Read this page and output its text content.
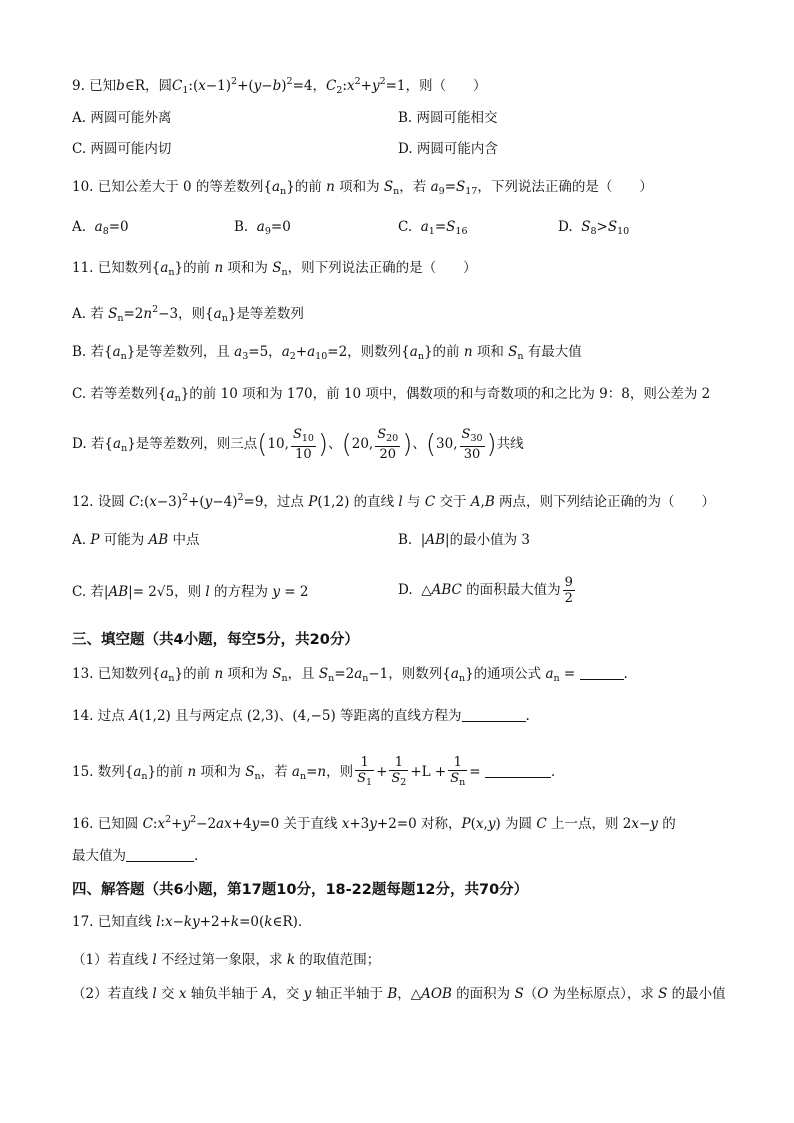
9. 已知b∈R，圆$C_1:(x-1)^2+(y-b)^2=4$，$C_2:x^2+y^2=1$，则（　　）
A. 两圆可能外离	B. 两圆可能相交
C. 两圆可能内切	D. 两圆可能内含
10. 已知公差大于 0 的等差数列$\{a_n\}$的前 n 项和为 $S_n$，若 $a_9=S_{17}$，下列说法正确的是（　　）
A.  $a_8=0$	B.  $a_9=0$	C.  $a_1=S_{16}$	D.  $S_8>S_{10}$
11. 已知数列$\{a_n\}$的前 n 项和为 $S_n$，则下列说法正确的是（　　）
A. 若 $S_n=2n^2-3$，则$\{a_n\}$是等差数列
B. 若$\{a_n\}$是等差数列，且 $a_3=5$，$a_2+a_{10}=2$，则数列$\{a_n\}$的前 n 项和 $S_n$ 有最大值
C. 若等差数列$\{a_n\}$的前 10 项和为 170，前 10 项中，偶数项的和与奇数项的和之比为 9：8，则公差为 2
D. 若$\{a_n\}$是等差数列，则三点(10, $\frac{S_{10}}{10}$ )、(20, $\frac{S_{20}}{20}$ )、(30, $\frac{S_{30}}{30}$ )共线
12. 设圆 $C:(x-3)^2+(y-4)^2=9$，过点 P(1,2) 的直线 l 与 C 交于 A,B 两点，则下列结论正确的为（　　）
A. P 可能为 AB 中点	B.  |AB|的最小值为 3
C. 若|AB|= 2√5，则 l 的方程为 y = 2	D.  △ABC 的面积最大值为 $\frac{9}{2}$
三、填空题（共4小题，每空5分，共20分）
13. 已知数列$\{a_n\}$的前 n 项和为 $S_n$，且 $S_n=2a_n-1$，则数列$\{a_n\}$的通项公式 $a_n$ =	.
14. 过点 A(1,2) 且与两定点 (2,3)、(4,−5) 等距离的直线方程为	.
15. 数列$\{a_n\}$的前 n 项和为 $S_n$，若 $a_n=n$，则 $\frac{1}{S_1} + \frac{1}{S_2} +L + \frac{1}{S_n}$ =	.
16. 已知圆 $C:x^2+y^2-2ax+4y=0$ 关于直线 x+3y+2=0 对称，P(x,y) 为圆 C 上一点，则 2x−y 的
最大值为	.
四、解答题（共6小题，第17题10分，18-22题每题12分，共70分）
17. 已知直线 l:x−ky+2+k=0(k∈R).
（1）若直线 l 不经过第一象限，求 k 的取值范围；
（2）若直线 l 交 x 轴负半轴于 A，交 y 轴正半轴于 B，△AOB 的面积为 S（O 为坐标原点），求 S 的最小值
